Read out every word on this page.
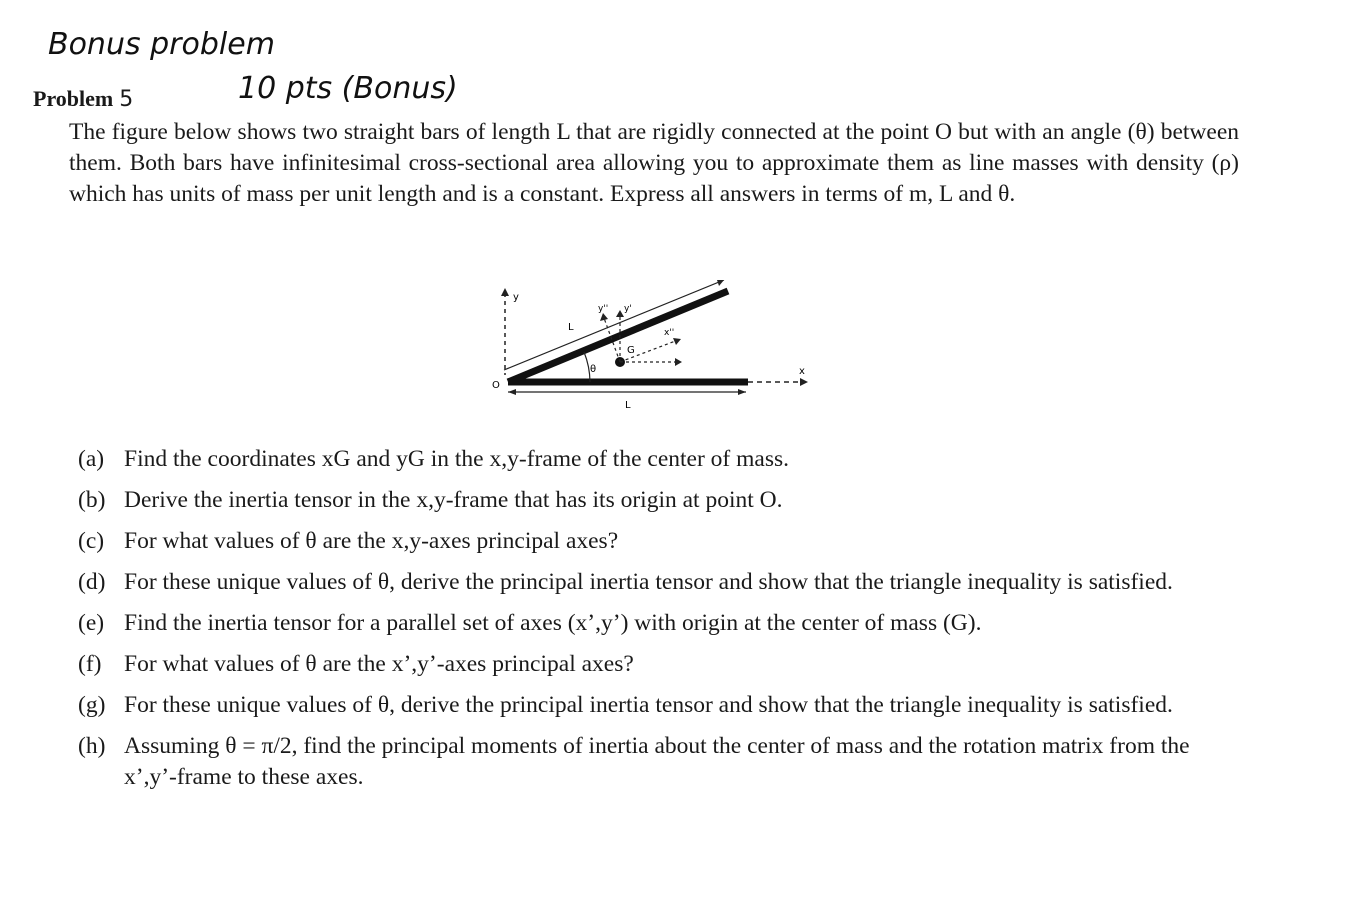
Bonus problem
10 pts (Bonus)
Problem 5

The figure below shows two straight bars of length L that are rigidly connected at the point O but with an angle (θ) between them. Both bars have infinitesimal cross-sectional area allowing you to approximate them as line masses with density (ρ) which has units of mass per unit length and is a constant. Express all answers in terms of m, L and θ.

y
x
L
L
O
θ
G
y'
x''
y''
(a) Find the coordinates xG and yG in the x,y-frame of the center of mass.
(b) Derive the inertia tensor in the x,y-frame that has its origin at point O.
(c) For what values of θ are the x,y-axes principal axes?
(d) For these unique values of θ, derive the principal inertia tensor and show that the triangle inequality is satisfied.
(e) Find the inertia tensor for a parallel set of axes (x’,y’) with origin at the center of mass (G).
(f) For what values of θ are the x’,y’-axes principal axes?
(g) For these unique values of θ, derive the principal inertia tensor and show that the triangle inequality is satisfied.
(h) Assuming θ = π/2, find the principal moments of inertia about the center of mass and the rotation matrix from the x’,y’-frame to these axes.
